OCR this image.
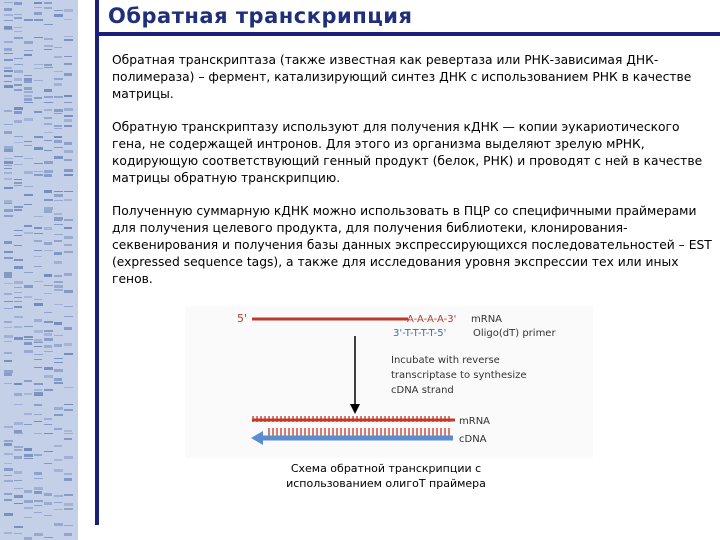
Обратная транскрипция

Обратная транскриптаза (также известная как ревертаза или РНК-зависимая ДНК-полимераза) – фермент, катализирующий синтез ДНК с использованием РНК в качестве матрицы.

Обратную транскриптазу используют для получения кДНК — копии эукариотического гена, не содержащей интронов. Для этого из организма выделяют зрелую мРНК, кодирующую соответствующий генный продукт (белок, РНК) и проводят с ней в качестве матрицы обратную транскрипцию.

Полученную суммарную кДНК можно использовать в ПЦР со специфичными праймерами для получения целевого продукта, для получения библиотеки, клонирования-секвенирования и получения базы данных экспрессирующихся последовательностей – EST (expressed sequence tags), а также для исследования уровня экспрессии тех или иных генов.

5'	A-A-A-A-3' mRNA
3'-T-T-T-T-5'	Oligo(dT) primer
Incubate with reverse
transcriptase to synthesize
cDNA strand
mRNA
cDNA
Схема обратной транскрипции с
использованием олигоТ праймера
